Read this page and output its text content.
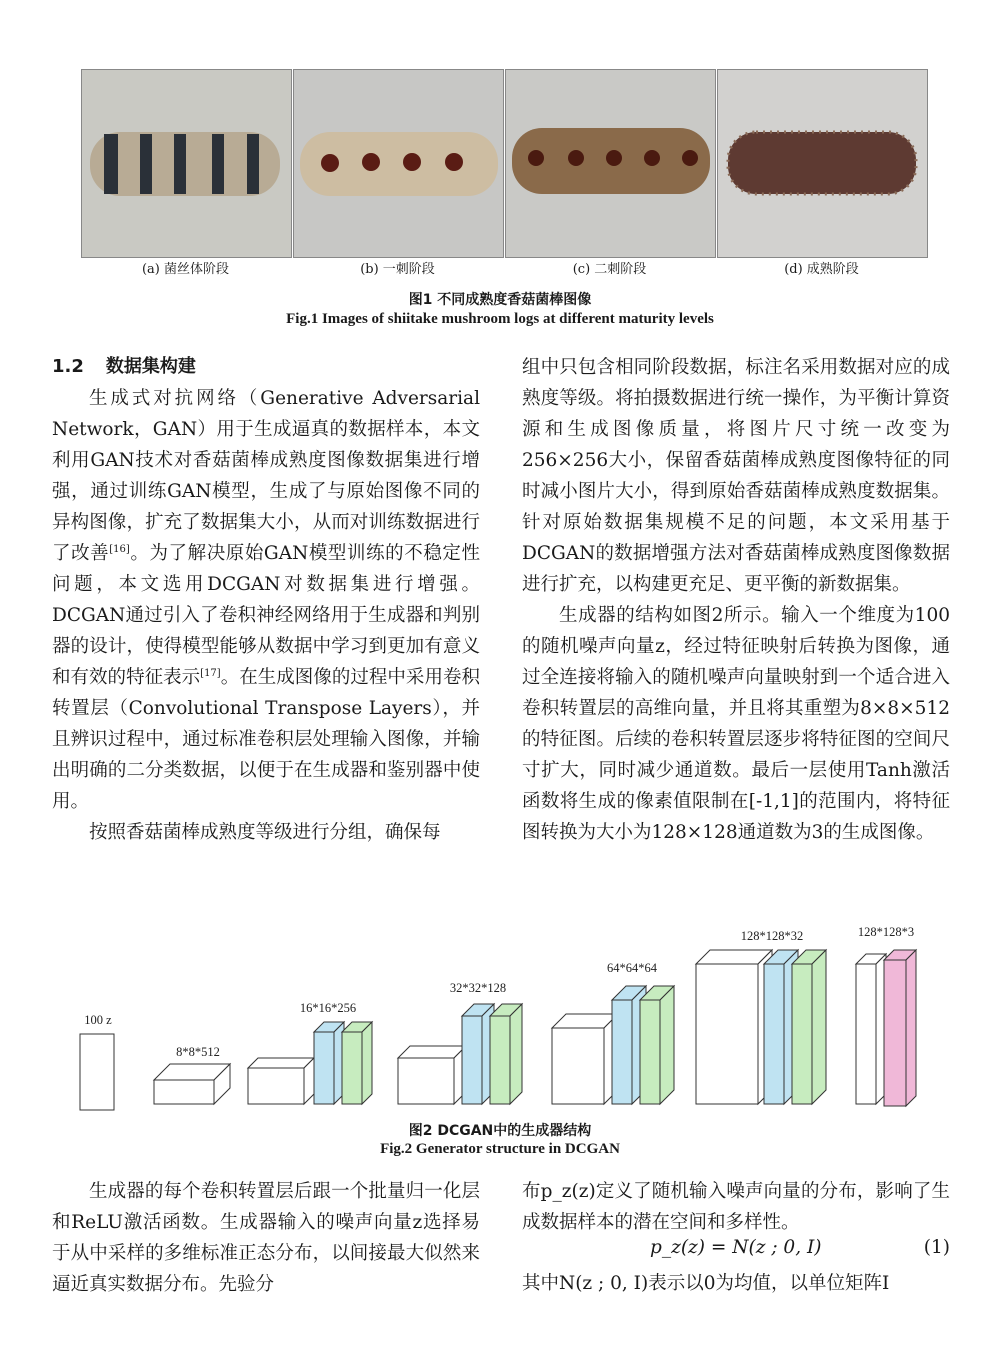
(a) 菌丝体阶段	(b) 一刺阶段	(c) 二刺阶段	(d) 成熟阶段
图1 不同成熟度香菇菌棒图像
Fig.1 Images of shiitake mushroom logs at different maturity levels
1.2 数据集构建

生成式对抗网络（Generative Adversarial Network，GAN）用于生成逼真的数据样本，本文利用GAN技术对香菇菌棒成熟度图像数据集进行增强，通过训练GAN模型，生成了与原始图像不同的异构图像，扩充了数据集大小，从而对训练数据进行了改善[16]。为了解决原始GAN模型训练的不稳定性问题，本文选用DCGAN对数据集进行增强。DCGAN通过引入了卷积神经网络用于生成器和判别器的设计，使得模型能够从数据中学习到更加有意义和有效的特征表示[17]。在生成图像的过程中采用卷积转置层（Convolutional Transpose Layers），并且辨识过程中，通过标准卷积层处理输入图像，并输出明确的二分类数据，以便于在生成器和鉴别器中使用。

按照香菇菌棒成熟度等级进行分组，确保每

组中只包含相同阶段数据，标注名采用数据对应的成熟度等级。将拍摄数据进行统一操作，为平衡计算资源和生成图像质量，将图片尺寸统一改变为256×256大小，保留香菇菌棒成熟度图像特征的同时减小图片大小，得到原始香菇菌棒成熟度数据集。针对原始数据集规模不足的问题，本文采用基于DCGAN的数据增强方法对香菇菌棒成熟度图像数据进行扩充，以构建更充足、更平衡的新数据集。

生成器的结构如图2所示。输入一个维度为100的随机噪声向量z，经过特征映射后转换为图像，通过全连接将输入的随机噪声向量映射到一个适合进入卷积转置层的高维向量，并且将其重塑为8×8×512的特征图。后续的卷积转置层逐步将特征图的空间尺寸扩大，同时减少通道数。最后一层使用Tanh激活函数将生成的像素值限制在[-1,1]的范围内，将特征图转换为大小为128×128通道数为3的生成图像。

100 z
8*8*512
16*16*256
32*32*128
64*64*64
128*128*32	128*128*3
图2 DCGAN中的生成器结构
Fig.2 Generator structure in DCGAN

生成器的每个卷积转置层后跟一个批量归一化层和ReLU激活函数。生成器输入的噪声向量z选择易于从中采样的多维标准正态分布，以间接最大似然来逼近真实数据分布。先验分

布p_z(z)定义了随机输入噪声向量的分布，影响了生成数据样本的潜在空间和多样性。

p_z(z) = N(z ; 0, I)	(1)

其中N(z ; 0, I)表示以0为均值，以单位矩阵I
